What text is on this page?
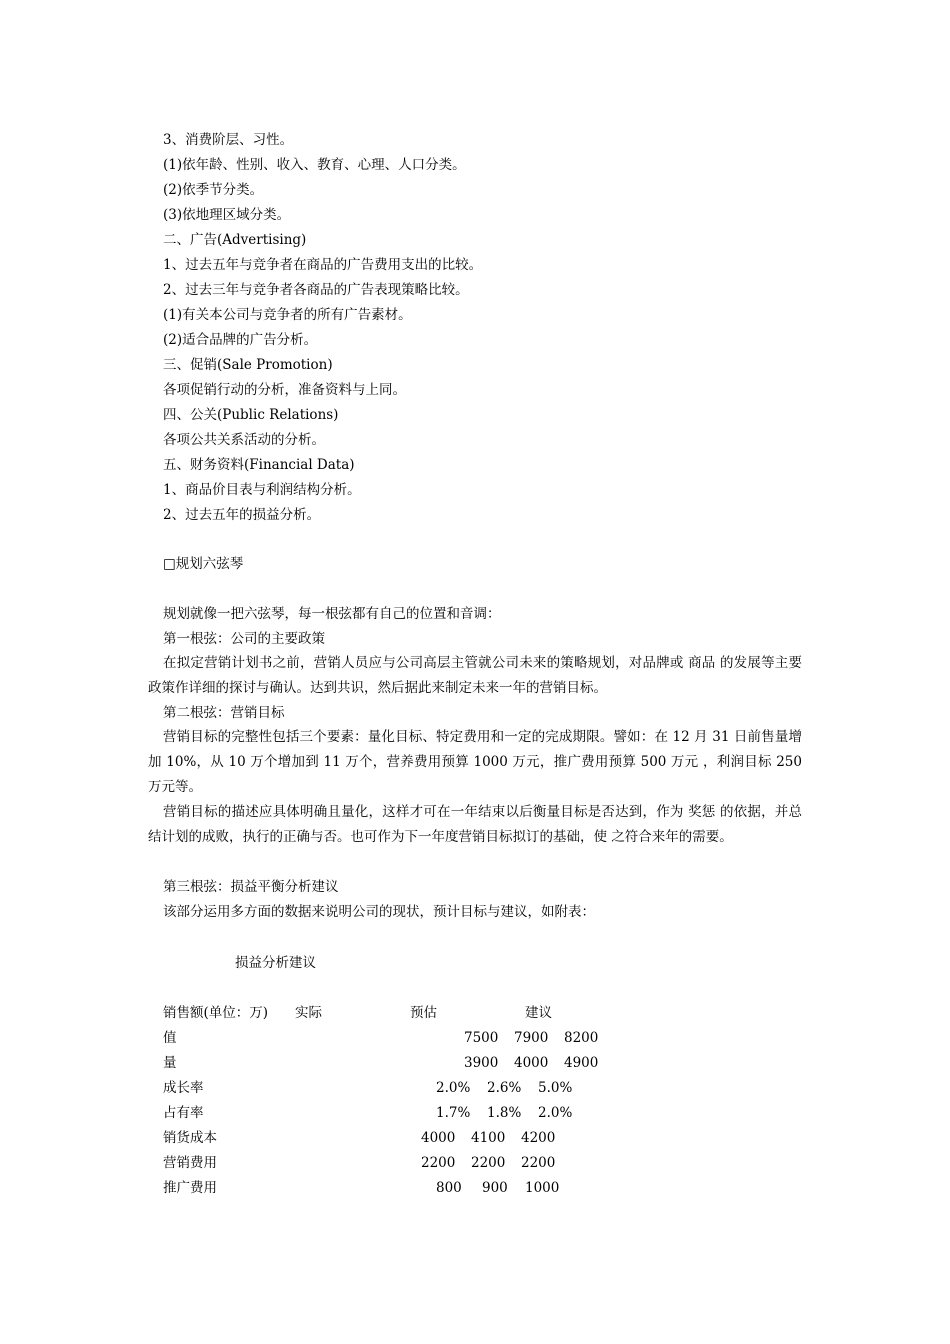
3、消费阶层、习性。
(1)依年龄、性别、收入、教育、心理、人口分类。
(2)依季节分类。
(3)依地理区域分类。
二、广告(Advertising)
1、过去五年与竞争者在商品的广告费用支出的比较。
2、过去三年与竞争者各商品的广告表现策略比较。
(1)有关本公司与竞争者的所有广告素材。
(2)适合品牌的广告分析。
三、促销(Sale Promotion)
各项促销行动的分析，准备资料与上同。
四、公关(Public Relations)
各项公共关系活动的分析。
五、财务资料(Financial Data)
1、商品价目表与利润结构分析。
2、过去五年的损益分析。
□规划六弦琴
规划就像一把六弦琴，每一根弦都有自己的位置和音调：
第一根弦：公司的主要政策
在拟定营销计划书之前，营销人员应与公司高层主管就公司未来的策略规划，对品牌或 商品 的发展等主要政策作详细的探讨与确认。达到共识，然后据此来制定未来一年的营销目标。
第二根弦：营销目标
营销目标的完整性包括三个要素：量化目标、特定费用和一定的完成期限。譬如：在 12 月 31 日前售量增加 10%，从 10 万个增加到 11 万个，营养费用预算 1000 万元，推广费用预算 500 万元 ，利润目标 250 万元等。
营销目标的描述应具体明确且量化，这样才可在一年结束以后衡量目标是否达到，作为 奖惩 的依据，并总结计划的成败，执行的正确与否。也可作为下一年度营销目标拟订的基础，使 之符合来年的需要。
第三根弦：损益平衡分析建议
该部分运用多方面的数据来说明公司的现状，预计目标与建议，如附表：
损益分析建议
销售额(单位：万) 实际	预估	建议
值	7500 7900 8200
量	3900 4000 4900
成长率	2.0% 2.6% 5.0%
占有率	1.7% 1.8% 2.0%
销货成本	4000 4100 4200
营销费用	2200 2200 2200
推广费用	800 900 1000
